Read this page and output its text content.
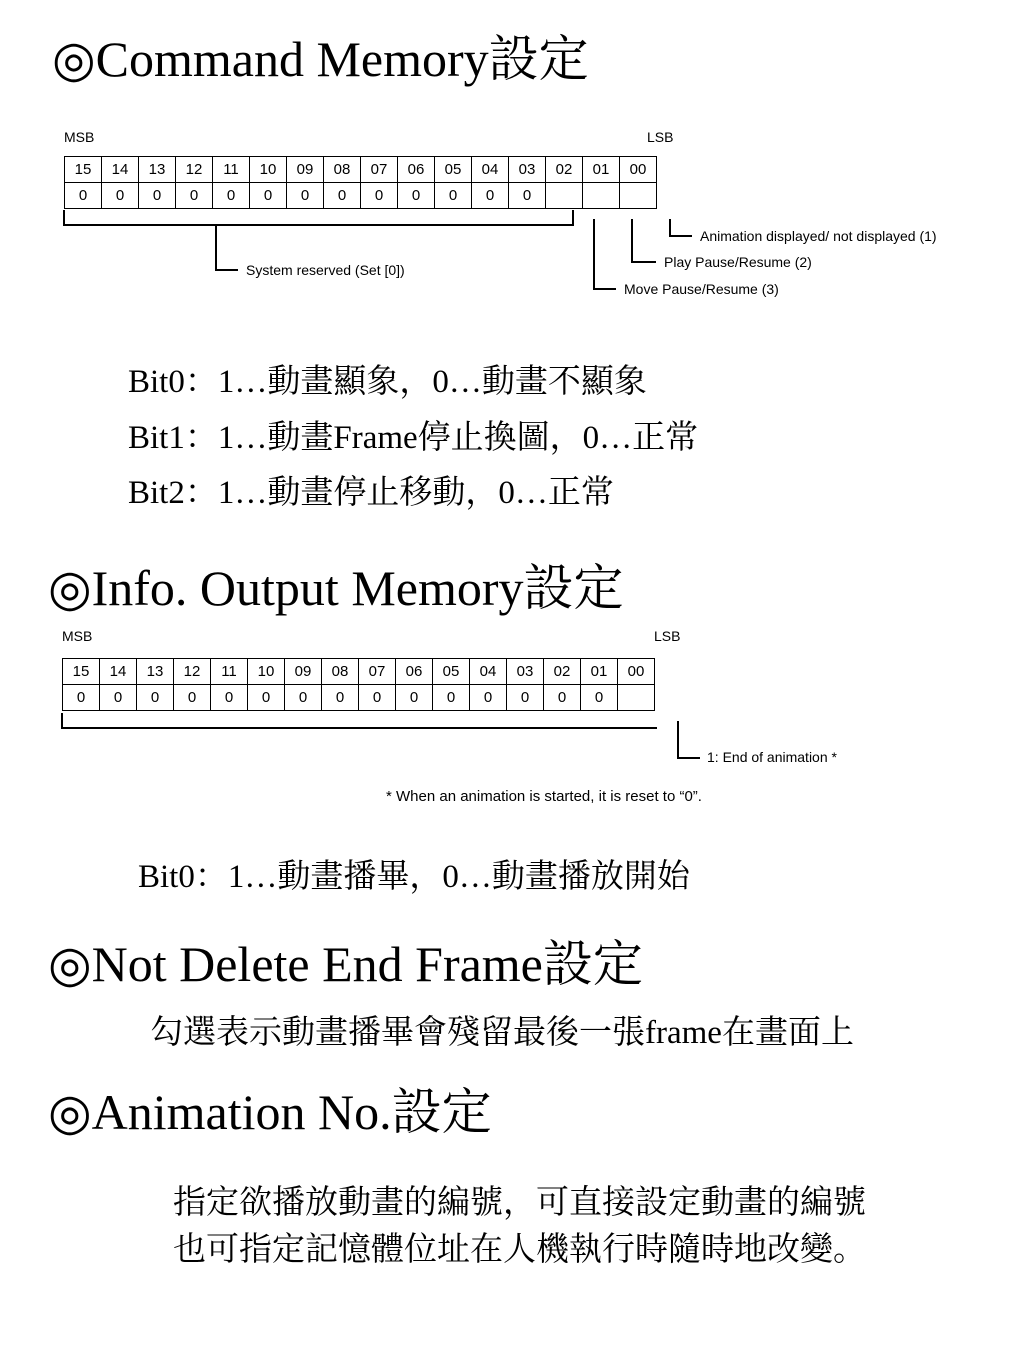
◎Command Memory設定
MSB	LSB
15	14	13	12	11	10	09	08	07	06	05	04	03	02	01	00
0	0	0	0	0	0	0	0	0	0	0	0	0			
System reserved (Set [0])
Animation displayed/ not displayed (1)
Play Pause/Resume (2)
Move Pause/Resume (3)
Bit0：1…動畫顯象，0…動畫不顯象
Bit1：1…動畫Frame停止換圖，0…正常
Bit2：1…動畫停止移動，0…正常
◎Info. Output Memory設定
MSB	LSB
15	14	13	12	11	10	09	08	07	06	05	04	03	02	01	00
0	0	0	0	0	0	0	0	0	0	0	0	0	0	0	
1: End of animation *
* When an animation is started, it is reset to “0”.
Bit0：1…動畫播畢，0…動畫播放開始
◎Not Delete End Frame設定
勾選表示動畫播畢會殘留最後一張frame在畫面上
◎Animation No.設定
指定欲播放動畫的編號，可直接設定動畫的編號
也可指定記憶體位址在人機執行時隨時地改變。
